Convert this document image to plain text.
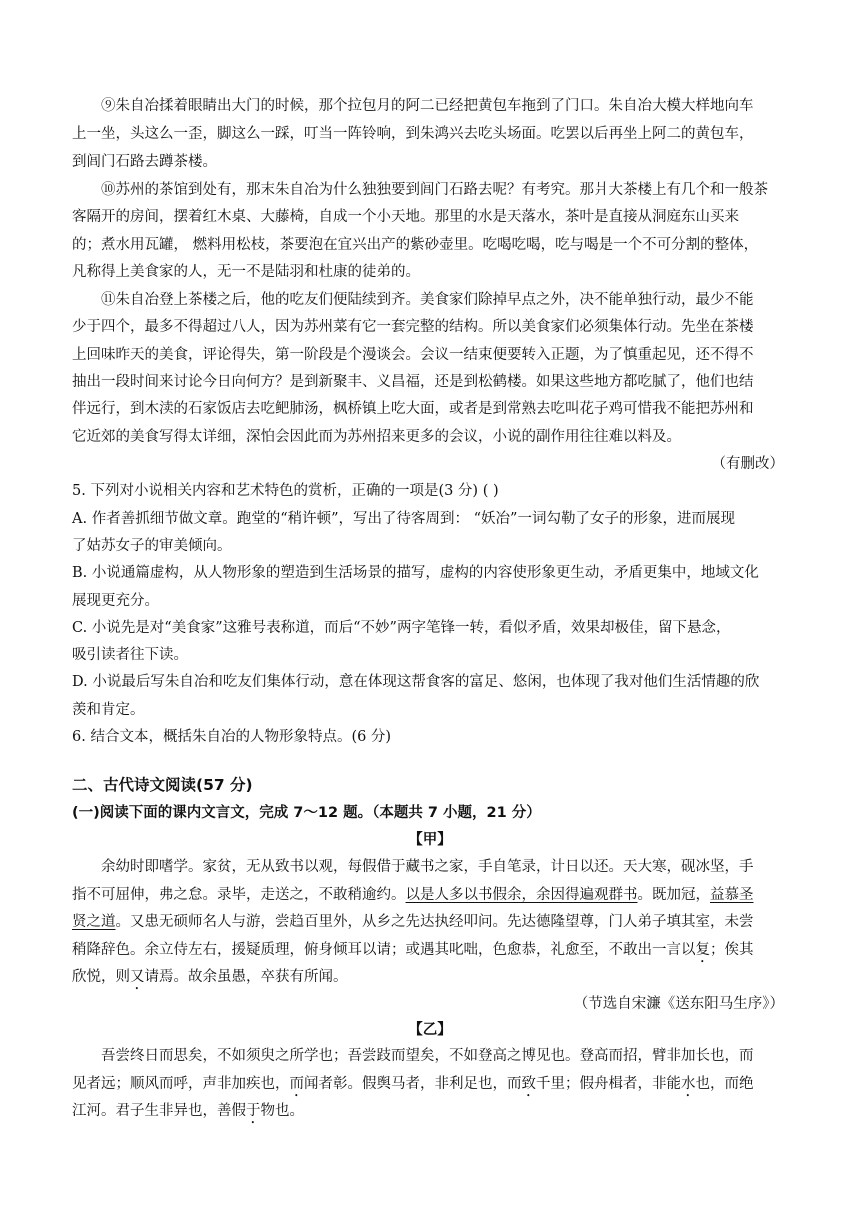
⑨朱自冶揉着眼睛出大门的时候，那个拉包月的阿二已经把黄包车拖到了门口。朱自冶大模大样地向车
上一坐，头这么一歪，脚这么一踩，叮当一阵铃响，到朱鸿兴去吃头场面。吃罢以后再坐上阿二的黄包车，
到闾门石路去蹲茶楼。
⑩苏州的茶馆到处有，那末朱自冶为什么独独要到闾门石路去呢？有考究。那爿大茶楼上有几个和一般茶
客隔开的房间，摆着红木桌、大藤椅，自成一个小天地。那里的水是天落水，茶叶是直接从洞庭东山买来
的；煮水用瓦罐， 燃料用松枝，茶要泡在宜兴出产的紫砂壶里。吃喝吃喝，吃与喝是一个不可分割的整体，
凡称得上美食家的人，无一不是陆羽和杜康的徒弟的。
⑪朱自冶登上茶楼之后，他的吃友们便陆续到齐。美食家们除掉早点之外，决不能单独行动，最少不能
少于四个，最多不得超过八人，因为苏州菜有它一套完整的结构。所以美食家们必须集体行动。先坐在茶楼
上回味昨天的美食，评论得失，第一阶段是个漫谈会。会议一结束便要转入正题，为了慎重起见，还不得不
抽出一段时间来讨论今日向何方？是到新聚丰、义昌福，还是到松鹤楼。如果这些地方都吃腻了，他们也结
伴远行，到木渎的石家饭店去吃鲃肺汤，枫桥镇上吃大面，或者是到常熟去吃叫花子鸡可惜我不能把苏州和
它近郊的美食写得太详细，深怕会因此而为苏州招来更多的会议，小说的副作用往往难以料及。
（有删改）
5. 下列对小说相关内容和艺术特色的赏析，正确的一项是(3 分) ( )
A. 作者善抓细节做文章。跑堂的“稍许顿”，写出了待客周到： “妖冶”一词勾勒了女子的形象，进而展现
了姑苏女子的审美倾向。
B. 小说通篇虚构，从人物形象的塑造到生活场景的描写，虚构的内容使形象更生动，矛盾更集中，地域文化
展现更充分。
C. 小说先是对“美食家”这雅号表称道，而后“不妙”两字笔锋一转，看似矛盾，效果却极佳，留下悬念，
吸引读者往下读。
D. 小说最后写朱自冶和吃友们集体行动，意在体现这帮食客的富足、悠闲，也体现了我对他们生活情趣的欣
羡和肯定。
6. 结合文本，概括朱自冶的人物形象特点。(6 分)
二、古代诗文阅读(57 分)
(一)阅读下面的课内文言文，完成 7～12 题。（本题共 7 小题，21 分）
【甲】
余幼时即嗜学。家贫，无从致书以观，每假借于藏书之家，手自笔录，计日以还。天大寒，砚冰坚，手
指不可屈伸，弗之怠。录毕，走送之，不敢稍逾约。以是人多以书假余，余因得遍观群书。既加冠，益慕圣
贤之道。又患无硕师名人与游，尝趋百里外，从乡之先达执经叩问。先达德隆望尊，门人弟子填其室，未尝
稍降辞色。余立侍左右，援疑质理，俯身倾耳以请；或遇其叱咄，色愈恭，礼愈至，不敢出一言以复；俟其
欣悦，则又请焉。故余虽愚，卒获有所闻。
（节选自宋濂《送东阳马生序》）
【乙】
吾尝终日而思矣，不如须臾之所学也；吾尝跂而望矣，不如登高之博见也。登高而招，臂非加长也，而
见者远；顺风而呼，声非加疾也，而闻者彰。假舆马者，非利足也，而致千里；假舟楫者，非能水也，而绝
江河。君子生非异也，善假于物也。
